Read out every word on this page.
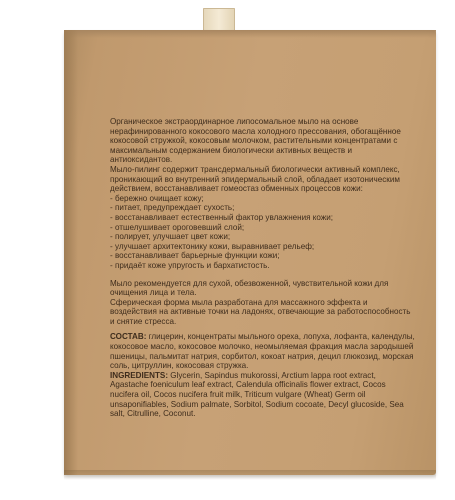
Органическое экстраординарное липосомальное мыло на основе нерафинированного кокосового масла холодного прессования, обогащённое кокосовой стружкой, кокосовым молочком, растительными концентратами с максимальным содержанием биологически активных веществ и антиоксидантов.

Мыло-пилинг содержит трансдермальный биологически активный комплекс, проникающий во внутренний эпидермальный слой, обладает изотоническим действием, восстанавливает гомеостаз обменных процессов кожи:

- бережно очищает кожу;
- питает, предупреждает сухость;
- восстанавливает естественный фактор увлажнения кожи;
- отшелушивает ороговевший слой;
- полирует, улучшает цвет кожи;
- улучшает архитектонику кожи, выравнивает рельеф;
- восстанавливает барьерные функции кожи;
- придаёт коже упругость и бархатистость.

Мыло рекомендуется для сухой, обезвоженной, чувствительной кожи для очищения лица и тела.

Сферическая форма мыла разработана для массажного эффекта и воздействия на активные точки на ладонях, отвечающие за работоспособность и снятие стресса.

СОСТАВ: глицерин, концентраты мыльного ореха, лопуха, лофанта, календулы, кокосовое масло, кокосовое молочко, неомыляемая фракция масла зародышей пшеницы, пальмитат натрия, сорбитол, кокоат натрия, децил глюкозид, морская соль, цитруллин, кокосовая стружка.

INGREDIENTS: Glycerin, Sapindus mukorossi, Arctium lappa root extract, Agastache foeniculum leaf extract, Calendula officinalis flower extract, Cocos nucifera oil, Cocos nucifera fruit milk, Triticum vulgare (Wheat) Germ oil unsaponifiables, Sodium palmate, Sorbitol, Sodium cocoate, Decyl glucoside, Sea salt, Citrulline, Coconut.
